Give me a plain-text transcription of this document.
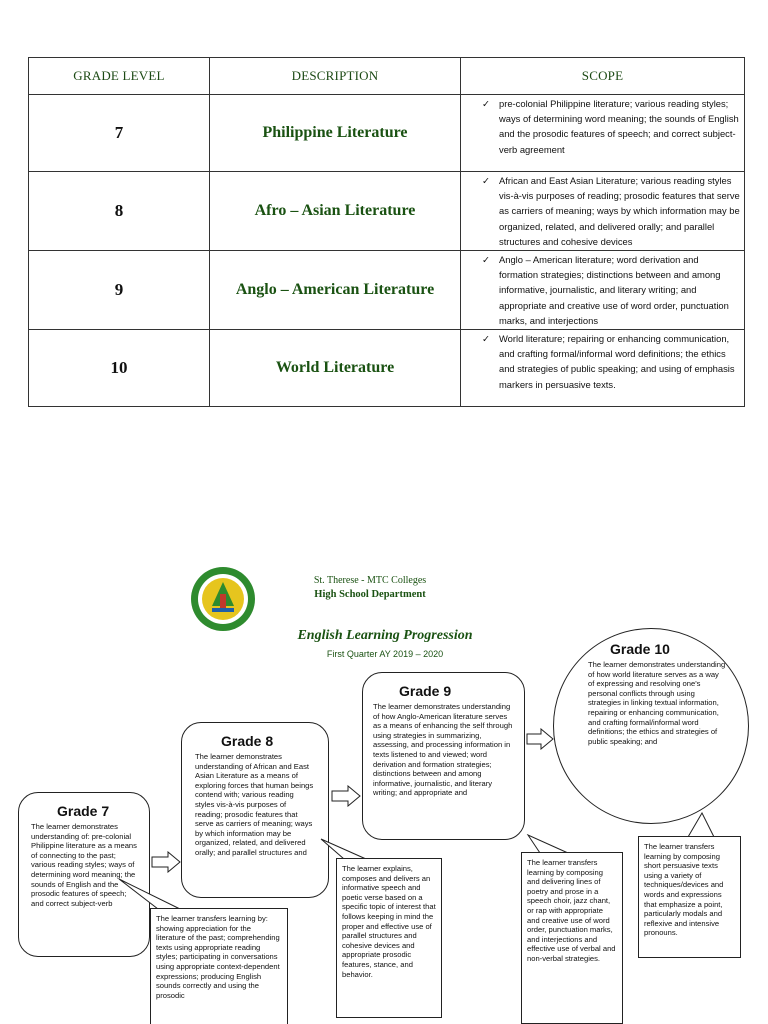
GRADE LEVEL	DESCRIPTION	SCOPE
7	Philippine Literature	✓ pre-colonial Philippine literature; various reading styles; ways of determining word meaning; the sounds of English and the prosodic features of speech; and correct subject-verb agreement
8	Afro – Asian Literature	✓ African and East Asian Literature; various reading styles vis-à-vis purposes of reading; prosodic features that serve as carriers of meaning; ways by which information may be organized, related, and delivered orally; and parallel structures and cohesive devices
9	Anglo – American Literature	✓ Anglo – American literature; word derivation and formation strategies; distinctions between and among informative, journalistic, and literary writing; and appropriate and creative use of word order, punctuation marks, and interjections
10	World Literature	✓ World literature; repairing or enhancing communication, and crafting formal/informal word definitions; the ethics and strategies of public speaking; and using of emphasis markers in persuasive texts.
St. Therese - MTC Colleges
High School Department
English Learning Progression
First Quarter AY 2019 – 2020
Grade 7

The learner demonstrates understanding of: pre-colonial Philippine literature as a means of connecting to the past; various reading styles; ways of determining word meaning; the sounds of English and the prosodic features of speech; and correct subject-verb

Grade 8

The learner demonstrates understanding of African and East Asian Literature as a means of exploring forces that human beings contend with; various reading styles vis-à-vis purposes of reading; prosodic features that serve as carriers of meaning; ways by which information may be organized, related, and delivered orally; and parallel structures and

Grade 9

The learner demonstrates understanding of how Anglo-American literature serves as a means of enhancing the self through using strategies in summarizing, assessing, and processing information in texts listened to and viewed; word derivation and formation strategies; distinctions between and among informative, journalistic, and literary writing; and appropriate and

Grade 10

The learner demonstrates understanding of how world literature serves as a way of expressing and resolving one's personal conflicts through using strategies in linking textual information, repairing or enhancing communication, and crafting formal/informal word definitions; the ethics and strategies of public speaking; and

The learner transfers learning by: showing appreciation for the literature of the past; comprehending texts using appropriate reading styles; participating in conversations using appropriate context-dependent expressions; producing English sounds correctly and using the prosodic

The learner explains, composes and delivers an informative speech and poetic verse based on a specific topic of interest that follows keeping in mind the proper and effective use of parallel structures and cohesive devices and appropriate prosodic features, stance, and behavior.

The learner transfers learning by composing and delivering lines of poetry and prose in a speech choir, jazz chant, or rap with appropriate and creative use of word order, punctuation marks, and interjections and effective use of verbal and non-verbal strategies.

The learner transfers learning by composing short persuasive texts using a variety of techniques/devices and words and expressions that emphasize a point, particularly modals and reflexive and intensive pronouns.
